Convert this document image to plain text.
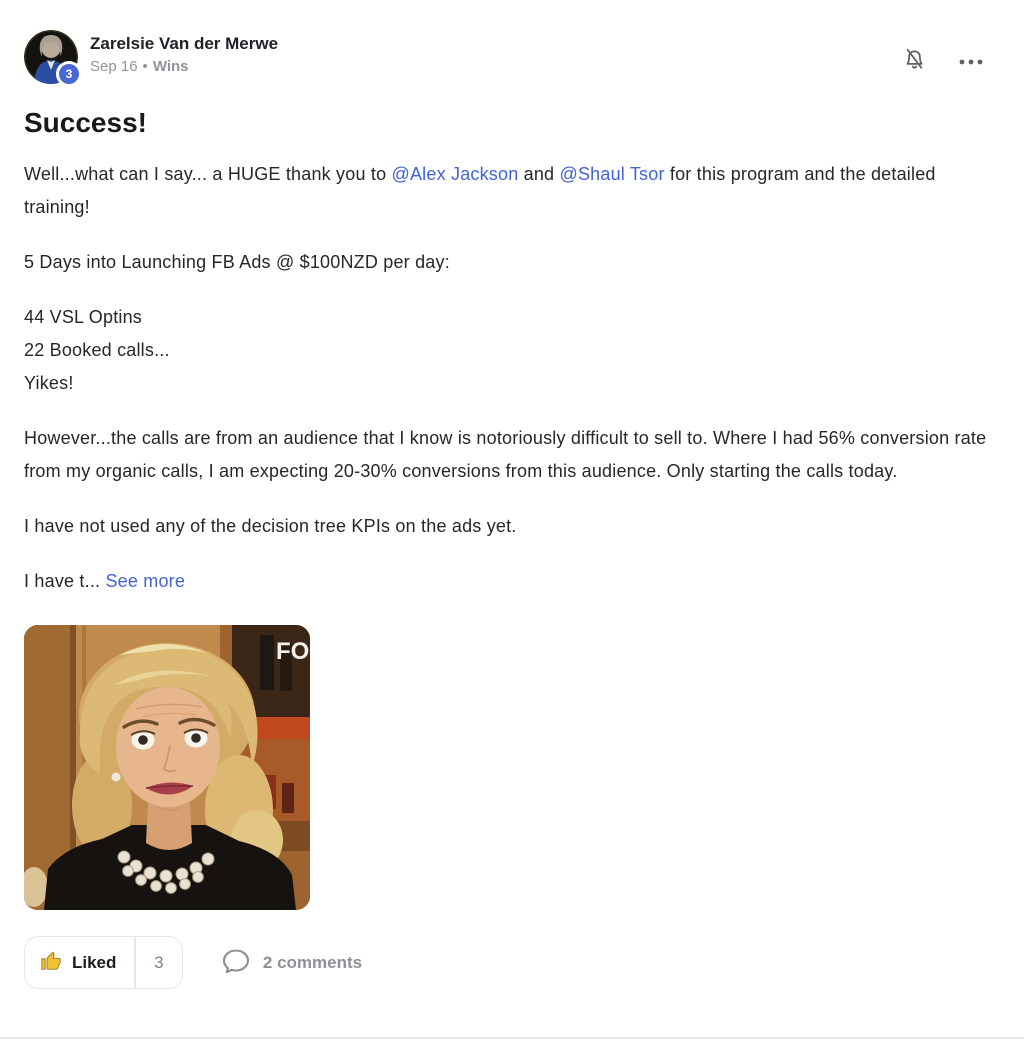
3
Zarelsie Van der Merwe
Sep 16 • Wins
Success!

Well...what can I say... a HUGE thank you to @Alex Jackson and @Shaul Tsor for this program and the detailed training!

5 Days into Launching FB Ads @ $100NZD per day:

44 VSL Optins
22 Booked calls...
Yikes!

However...the calls are from an audience that I know is notoriously difficult to sell to. Where I had 56% conversion rate from my organic calls, I am expecting 20-30% conversions from this audience. Only starting the calls today.

I have not used any of the decision tree KPIs on the ads yet.

I have t... See more

FO
Liked	3	2 comments
